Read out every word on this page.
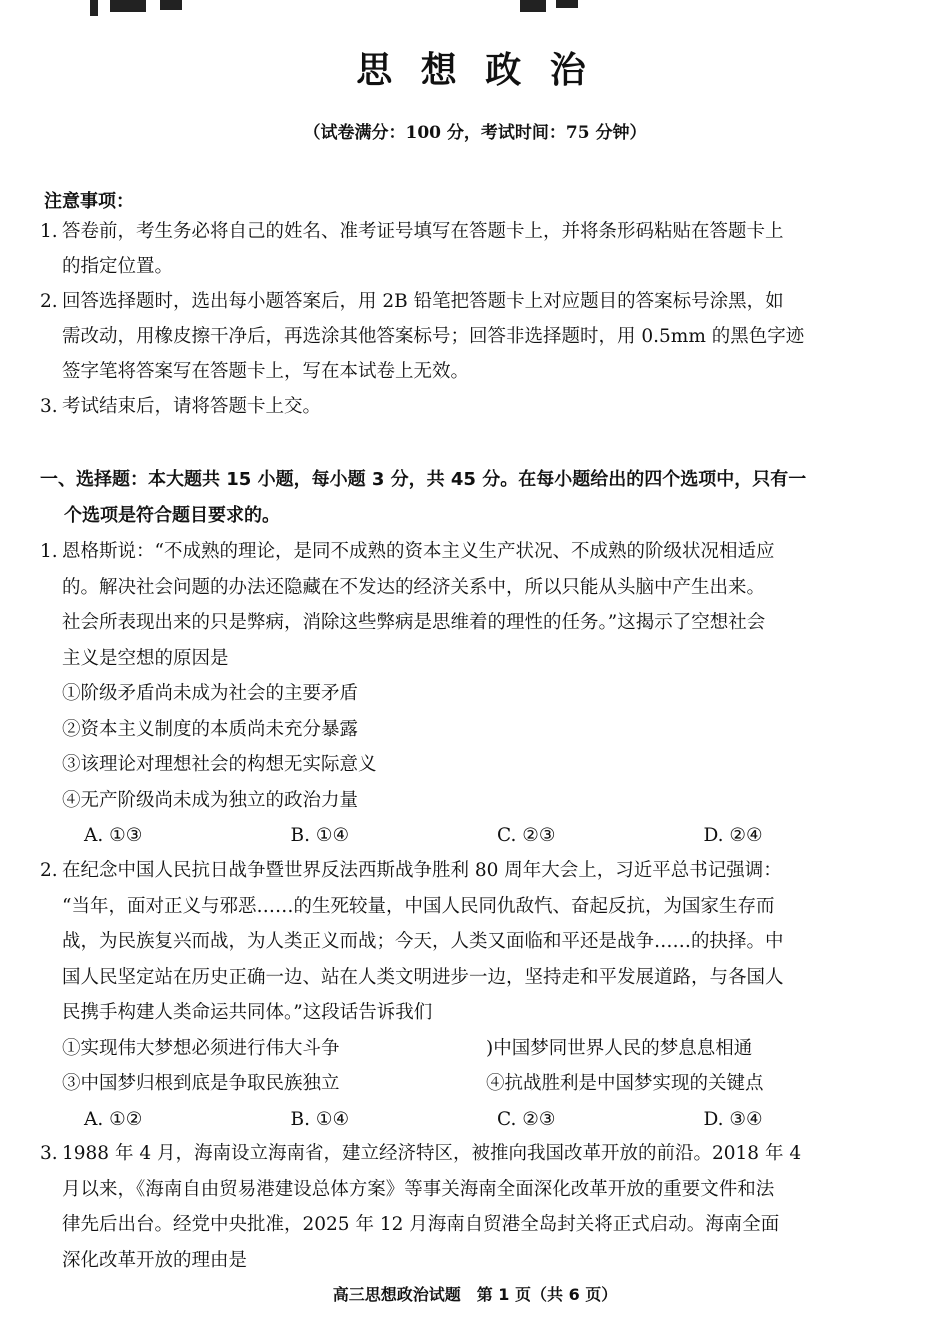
思 想 政 治
（试卷满分：100 分，考试时间：75 分钟）
注意事项：
1. 答卷前，考生务必将自己的姓名、准考证号填写在答题卡上，并将条形码粘贴在答题卡上
的指定位置。
2. 回答选择题时，选出每小题答案后，用 2B 铅笔把答题卡上对应题目的答案标号涂黑，如
需改动，用橡皮擦干净后，再选涂其他答案标号；回答非选择题时，用 0.5mm 的黑色字迹
签字笔将答案写在答题卡上，写在本试卷上无效。
3. 考试结束后，请将答题卡上交。
一、选择题：本大题共 15 小题，每小题 3 分，共 45 分。在每小题给出的四个选项中，只有一
个选项是符合题目要求的。
1. 恩格斯说：“不成熟的理论，是同不成熟的资本主义生产状况、不成熟的阶级状况相适应
的。解决社会问题的办法还隐藏在不发达的经济关系中，所以只能从头脑中产生出来。
社会所表现出来的只是弊病，消除这些弊病是思维着的理性的任务。”这揭示了空想社会
主义是空想的原因是
①阶级矛盾尚未成为社会的主要矛盾
②资本主义制度的本质尚未充分暴露
③该理论对理想社会的构想无实际意义
④无产阶级尚未成为独立的政治力量
A. ①③	B. ①④	C. ②③	D. ②④
2. 在纪念中国人民抗日战争暨世界反法西斯战争胜利 80 周年大会上，习近平总书记强调：
“当年，面对正义与邪恶……的生死较量，中国人民同仇敌忾、奋起反抗，为国家生存而
战，为民族复兴而战，为人类正义而战；今天，人类又面临和平还是战争……的抉择。中
国人民坚定站在历史正确一边、站在人类文明进步一边，坚持走和平发展道路，与各国人
民携手构建人类命运共同体。”这段话告诉我们
①实现伟大梦想必须进行伟大斗争	)中国梦同世界人民的梦息息相通
③中国梦归根到底是争取民族独立	④抗战胜利是中国梦实现的关键点
A. ①②	B. ①④	C. ②③	D. ③④
3. 1988 年 4 月，海南设立海南省，建立经济特区，被推向我国改革开放的前沿。2018 年 4
月以来，《海南自由贸易港建设总体方案》等事关海南全面深化改革开放的重要文件和法
律先后出台。经党中央批准，2025 年 12 月海南自贸港全岛封关将正式启动。海南全面
深化改革开放的理由是
高三思想政治试题　第 1 页（共 6 页）
